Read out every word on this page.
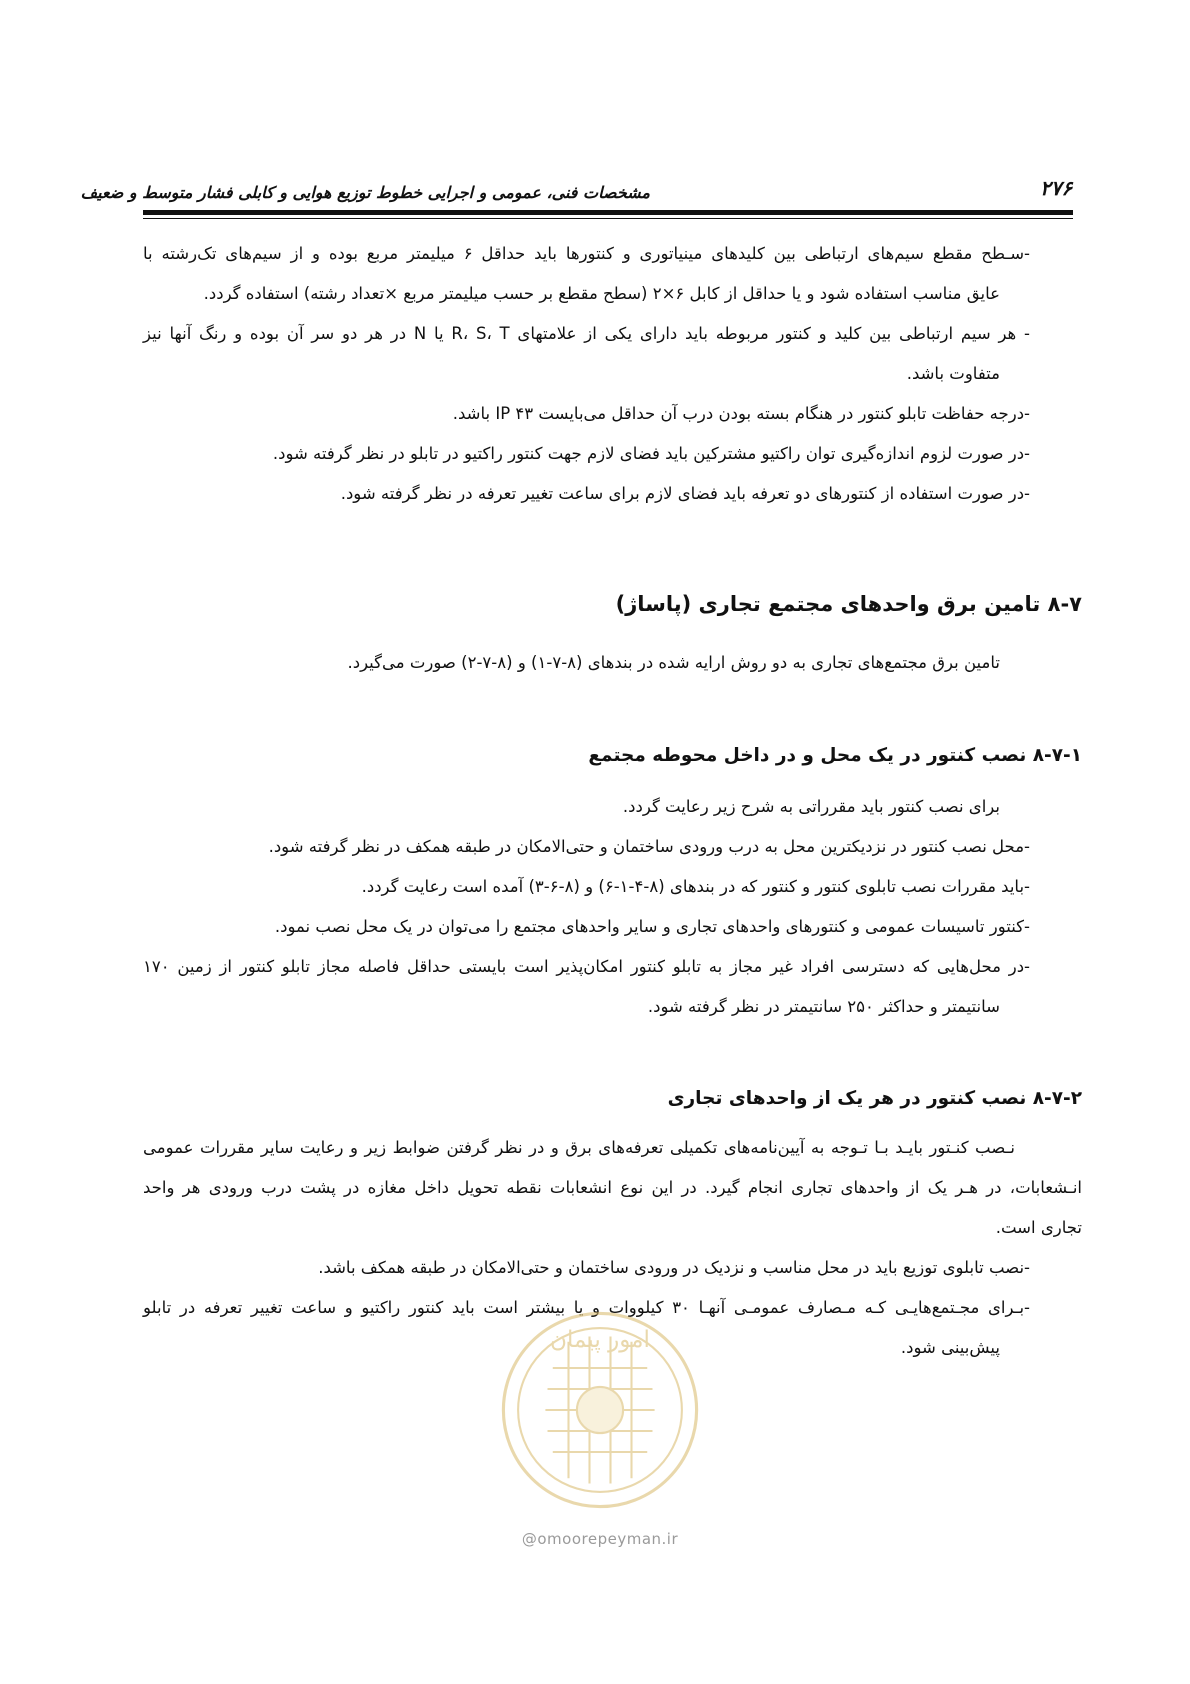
مشخصات فنی، عمومی و اجرایی خطوط توزیع هوایی و کابلی فشار متوسط و ضعیف	۲۷۶
-سـطح مقطع سیم‌های ارتباطی بین کلیدهای مینیاتوری و کنتورها باید حداقل ۶ میلیمتر مربع بوده و از سیم‌های تک‌رشته با
عایق مناسب استفاده شود و یا حداقل از کابل ۶×۲ (سطح مقطع بر حسب میلیمتر مربع ×تعداد رشته) استفاده گردد.
- هر سیم ارتباطی بین کلید و کنتور مربوطه باید دارای یکی از علامتهای R، S، T یا N در هر دو سر آن بوده و رنگ آنها نیز
متفاوت باشد.
-درجه حفاظت تابلو کنتور در هنگام بسته بودن درب آن حداقل می‌بایست IP ۴۳ باشد.
-در صورت لزوم اندازه‌گیری توان راکتیو مشترکین باید فضای لازم جهت کنتور راکتیو در تابلو در نظر گرفته شود.
-در صورت استفاده از کنتورهای دو تعرفه باید فضای لازم برای ساعت تغییر تعرفه در نظر گرفته شود.
۸-۷ تامین برق واحدهای مجتمع تجاری (پاساژ)
تامین برق مجتمع‌های تجاری به دو روش ارایه شده در بندهای (۸-۷-۱) و (۸-۷-۲) صورت می‌گیرد.
۸-۷-۱ نصب کنتور در یک محل و در داخل محوطه مجتمع
برای نصب کنتور باید مقرراتی به شرح زیر رعایت گردد.
-محل نصب کنتور در نزدیکترین محل به درب ورودی ساختمان و حتی‌الامکان در طبقه همکف در نظر گرفته شود.
-باید مقررات نصب تابلوی کنتور و کنتور که در بندهای (۸-۴-۱-۶) و (۸-۶-۳) آمده است رعایت گردد.
-کنتور تاسیسات عمومی و کنتورهای واحدهای تجاری و سایر واحدهای مجتمع را می‌توان در یک محل نصب نمود.
-در محل‌هایی که دسترسی افراد غیر مجاز به تابلو کنتور امکان‌پذیر است بایستی حداقل فاصله مجاز تابلو کنتور از زمین ۱۷۰
سانتیمتر و حداکثر ۲۵۰ سانتیمتر در نظر گرفته شود.
۸-۷-۲ نصب کنتور در هر یک از واحدهای تجاری
نـصب کنـتور بایـد بـا تـوجه به آیین‌نامه‌های تکمیلی تعرفه‌های برق و در نظر گرفتن ضوابط زیر و رعایت سایر مقررات عمومی
انـشعابات، در هـر یک از واحدهای تجاری انجام گیرد. در این نوع انشعابات نقطه تحویل داخل مغازه در پشت درب ورودی هر واحد
تجاری است.
-نصب تابلوی توزیع باید در محل مناسب و نزدیک در ورودی ساختمان و حتی‌الامکان در طبقه همکف باشد.
-بـرای مجـتمع‌هایـی کـه مـصارف عمومـی آنهـا ۳۰ کیلووات و یا بیشتر است باید کنتور راکتیو و ساعت تغییر تعرفه در تابلو
پیش‌بینی شود.
امور پیمان
@omoorepeyman.ir
